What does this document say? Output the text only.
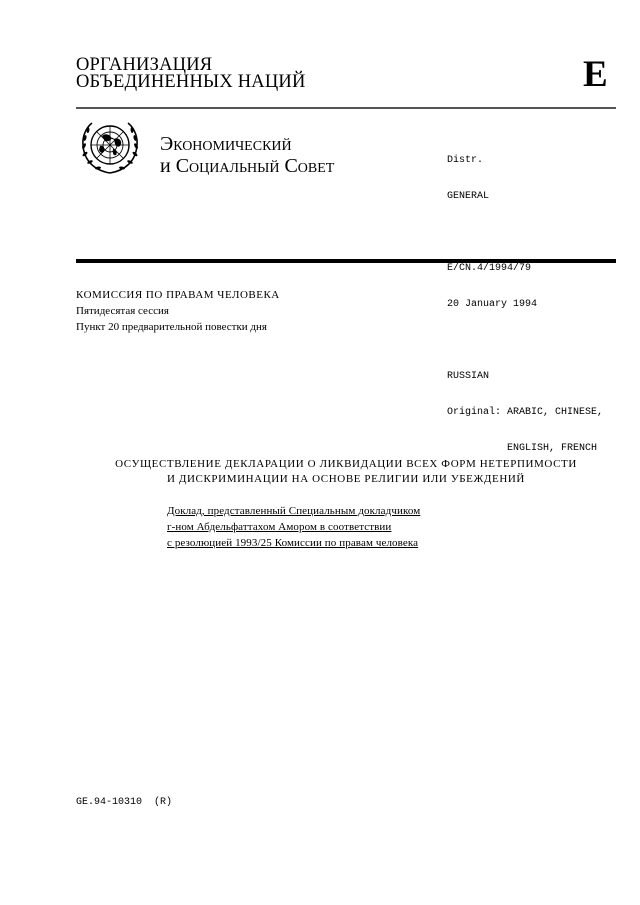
ОРГАНИЗАЦИЯ
ОБЪЕДИНЕННЫХ НАЦИЙ	E
Экономический
и Социальный Совет

	Distr.

GENERAL

E/CN.4/1994/79

20 January 1994

RUSSIAN

Original: ARABIC, CHINESE,

ENGLISH, FRENCH

КОМИССИЯ ПО ПРАВАМ ЧЕЛОВЕКА
Пятидесятая сессия
Пункт 20 предварительной повестки дня
ОСУЩЕСТВЛЕНИЕ ДЕКЛАРАЦИИ О ЛИКВИДАЦИИ ВСЕХ ФОРМ НЕТЕРПИМОСТИ
И ДИСКРИМИНАЦИИ НА ОСНОВЕ РЕЛИГИИ ИЛИ УБЕЖДЕНИЙ
Доклад, представленный Специальным докладчиком
г-ном Абдельфаттахом Амором в соответствии
с резолюцией 1993/25 Комиссии по правам человека
GE.94-10310  (R)
